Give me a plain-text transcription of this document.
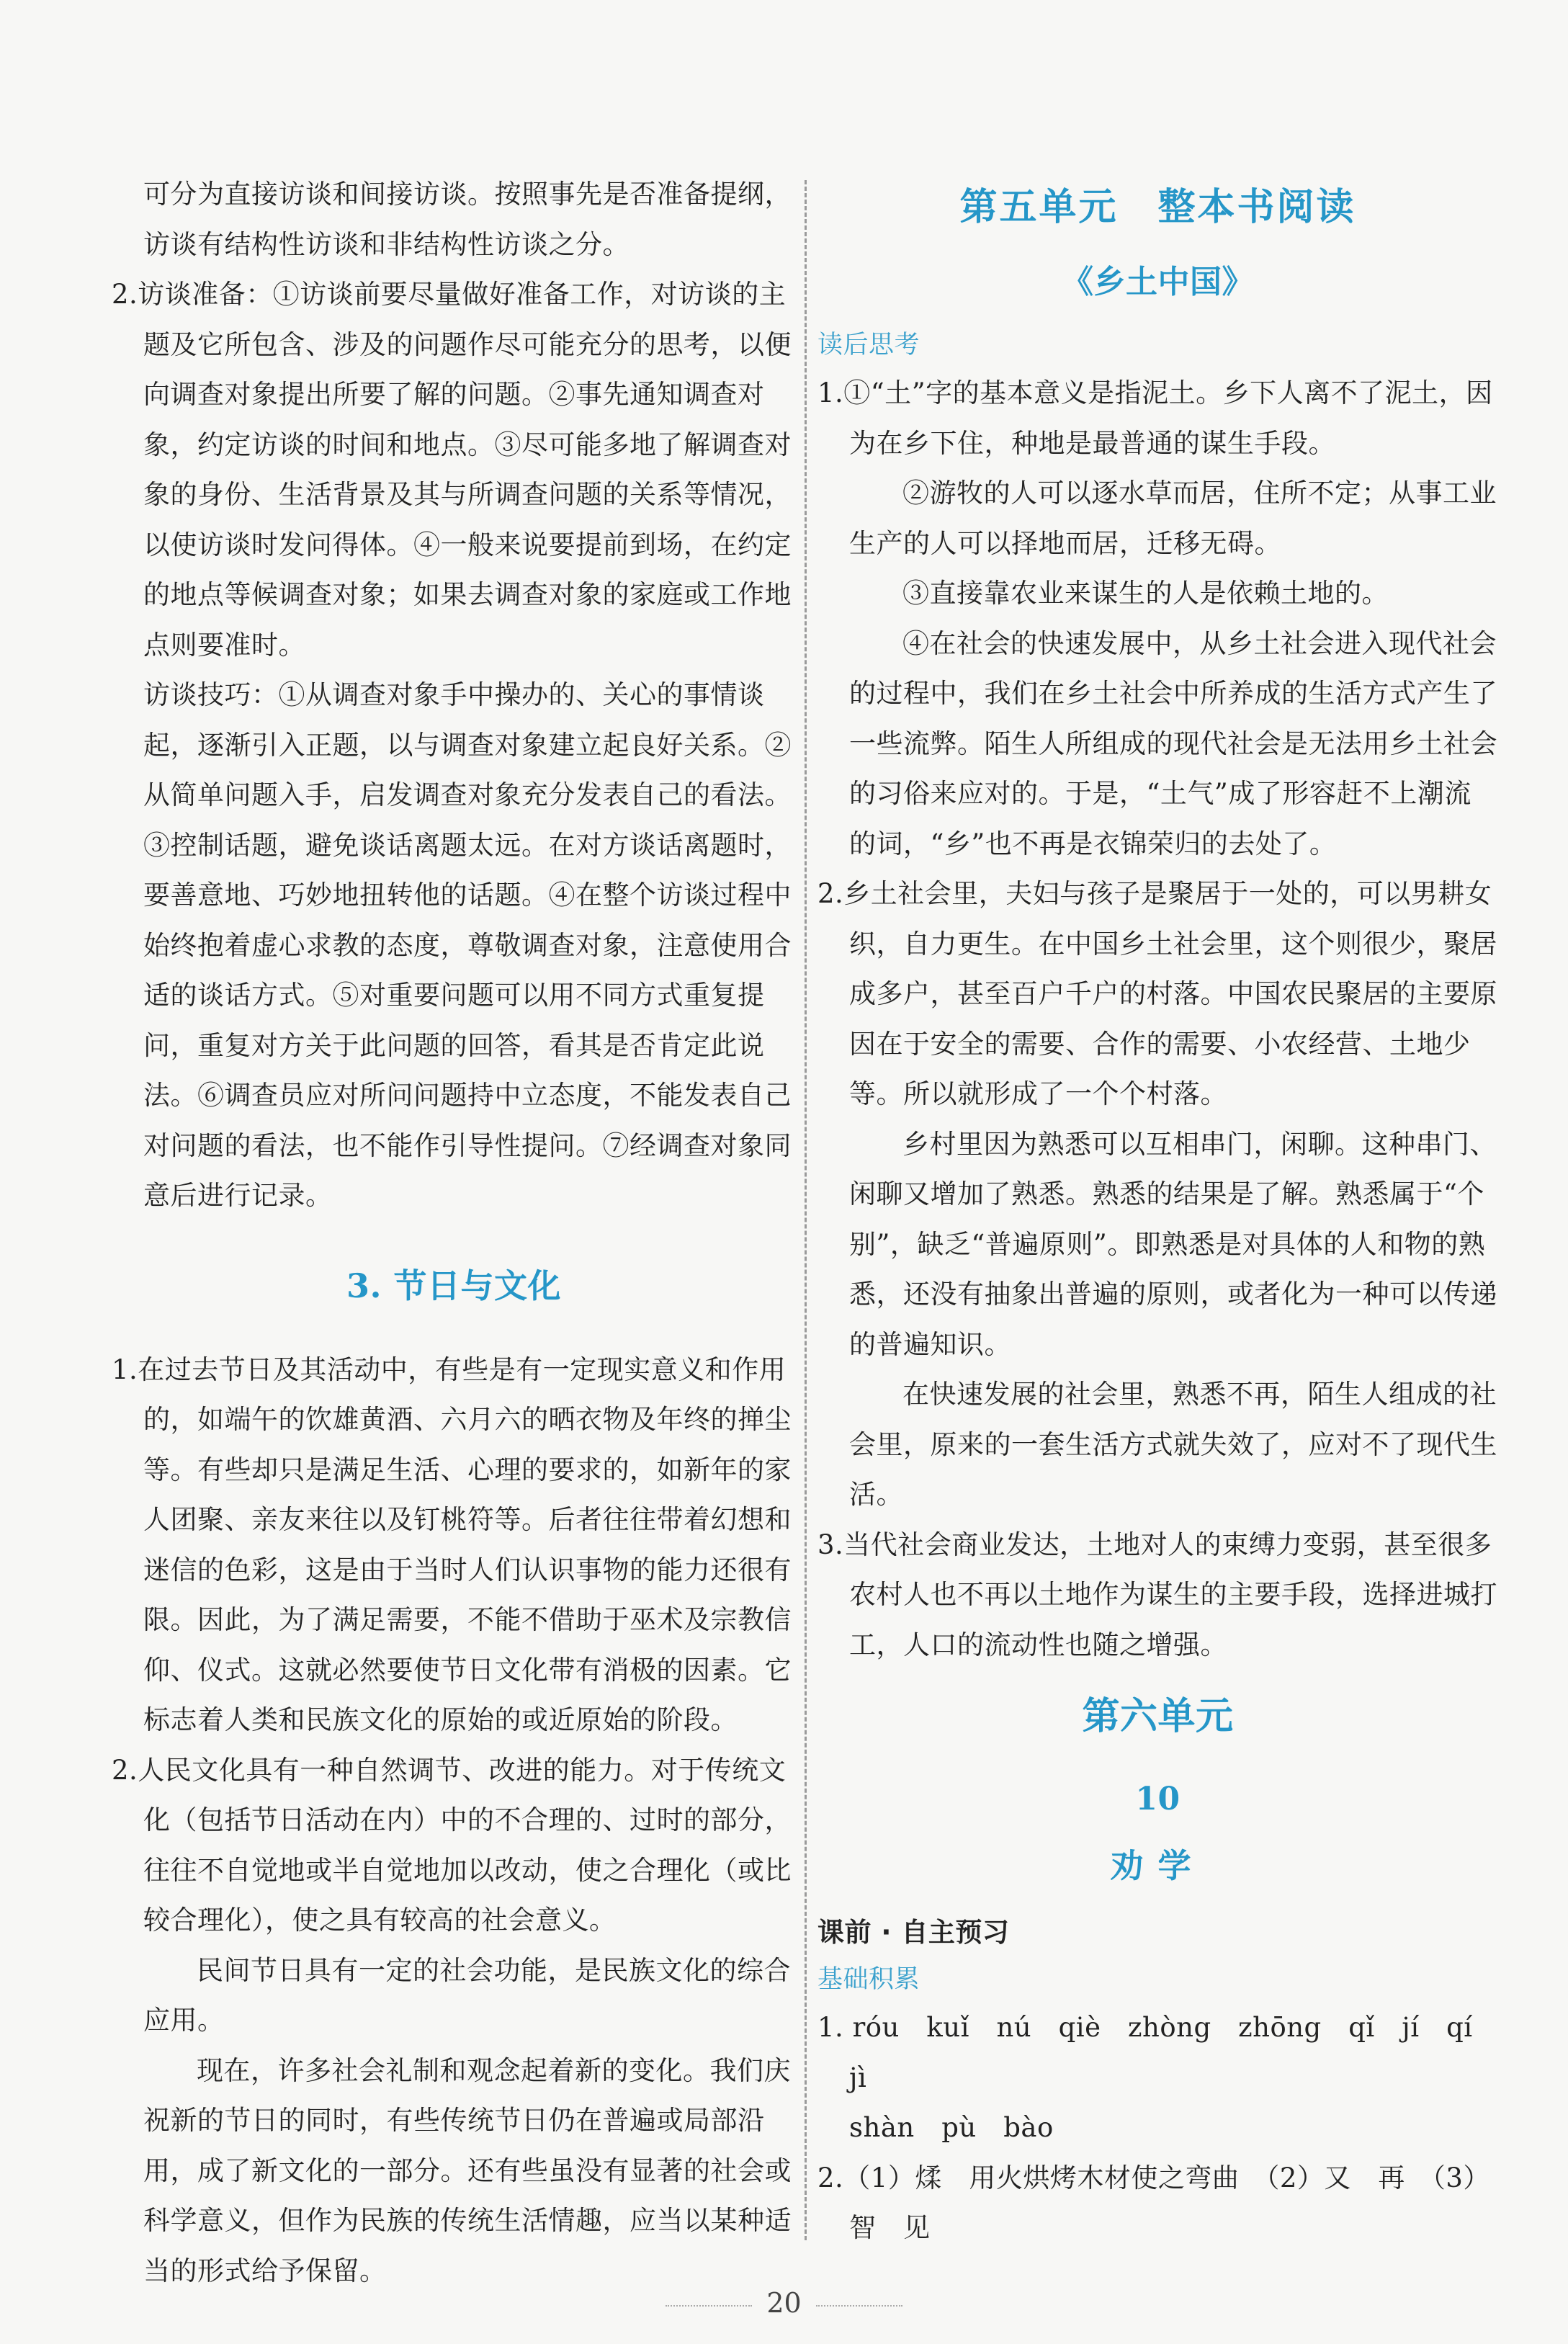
可分为直接访谈和间接访谈。按照事先是否准备提纲，访谈有结构性访谈和非结构性访谈之分。

2.访谈准备：①访谈前要尽量做好准备工作，对访谈的主题及它所包含、涉及的问题作尽可能充分的思考，以便向调查对象提出所要了解的问题。②事先通知调查对象，约定访谈的时间和地点。③尽可能多地了解调查对象的身份、生活背景及其与所调查问题的关系等情况，以使访谈时发问得体。④一般来说要提前到场，在约定的地点等候调查对象；如果去调查对象的家庭或工作地点则要准时。

访谈技巧：①从调查对象手中操办的、关心的事情谈起，逐渐引入正题，以与调查对象建立起良好关系。②从简单问题入手，启发调查对象充分发表自己的看法。③控制话题，避免谈话离题太远。在对方谈话离题时，要善意地、巧妙地扭转他的话题。④在整个访谈过程中始终抱着虚心求教的态度，尊敬调查对象，注意使用合适的谈话方式。⑤对重要问题可以用不同方式重复提问，重复对方关于此问题的回答，看其是否肯定此说法。⑥调查员应对所问问题持中立态度，不能发表自己对问题的看法，也不能作引导性提问。⑦经调查对象同意后进行记录。

3. 节日与文化

1.在过去节日及其活动中，有些是有一定现实意义和作用的，如端午的饮雄黄酒、六月六的晒衣物及年终的掸尘等。有些却只是满足生活、心理的要求的，如新年的家人团聚、亲友来往以及钉桃符等。后者往往带着幻想和迷信的色彩，这是由于当时人们认识事物的能力还很有限。因此，为了满足需要，不能不借助于巫术及宗教信仰、仪式。这就必然要使节日文化带有消极的因素。它标志着人类和民族文化的原始的或近原始的阶段。

2.人民文化具有一种自然调节、改进的能力。对于传统文化（包括节日活动在内）中的不合理的、过时的部分，往往不自觉地或半自觉地加以改动，使之合理化（或比较合理化），使之具有较高的社会意义。

民间节日具有一定的社会功能，是民族文化的综合应用。

现在，许多社会礼制和观念起着新的变化。我们庆祝新的节日的同时，有些传统节日仍在普遍或局部沿用，成了新文化的一部分。还有些虽没有显著的社会或科学意义，但作为民族的传统生活情趣，应当以某种适当的形式给予保留。

第五单元　整本书阅读

《乡土中国》

读后思考

1.①“土”字的基本意义是指泥土。乡下人离不了泥土，因为在乡下住，种地是最普通的谋生手段。

②游牧的人可以逐水草而居，住所不定；从事工业生产的人可以择地而居，迁移无碍。

③直接靠农业来谋生的人是依赖土地的。

④在社会的快速发展中，从乡土社会进入现代社会的过程中，我们在乡土社会中所养成的生活方式产生了一些流弊。陌生人所组成的现代社会是无法用乡土社会的习俗来应对的。于是，“土气”成了形容赶不上潮流的词，“乡”也不再是衣锦荣归的去处了。

2.乡土社会里，夫妇与孩子是聚居于一处的，可以男耕女织，自力更生。在中国乡土社会里，这个则很少，聚居成多户，甚至百户千户的村落。中国农民聚居的主要原因在于安全的需要、合作的需要、小农经营、土地少等。所以就形成了一个个村落。

乡村里因为熟悉可以互相串门，闲聊。这种串门、闲聊又增加了熟悉。熟悉的结果是了解。熟悉属于“个别”，缺乏“普遍原则”。即熟悉是对具体的人和物的熟悉，还没有抽象出普遍的原则，或者化为一种可以传递的普遍知识。

在快速发展的社会里，熟悉不再，陌生人组成的社会里，原来的一套生活方式就失效了，应对不了现代生活。

3.当代社会商业发达，土地对人的束缚力变弱，甚至很多农村人也不再以土地作为谋生的主要手段，选择进城打工，人口的流动性也随之增强。

第六单元

10

劝学

课前 · 自主预习

基础积累

1. róu　kuǐ　nú　qiè　zhòng　zhōng　qǐ　jí　qí jì

shàn　pù　bào

2.（1）煣　用火烘烤木材使之弯曲　（2）又　再　（3）智　见

20
